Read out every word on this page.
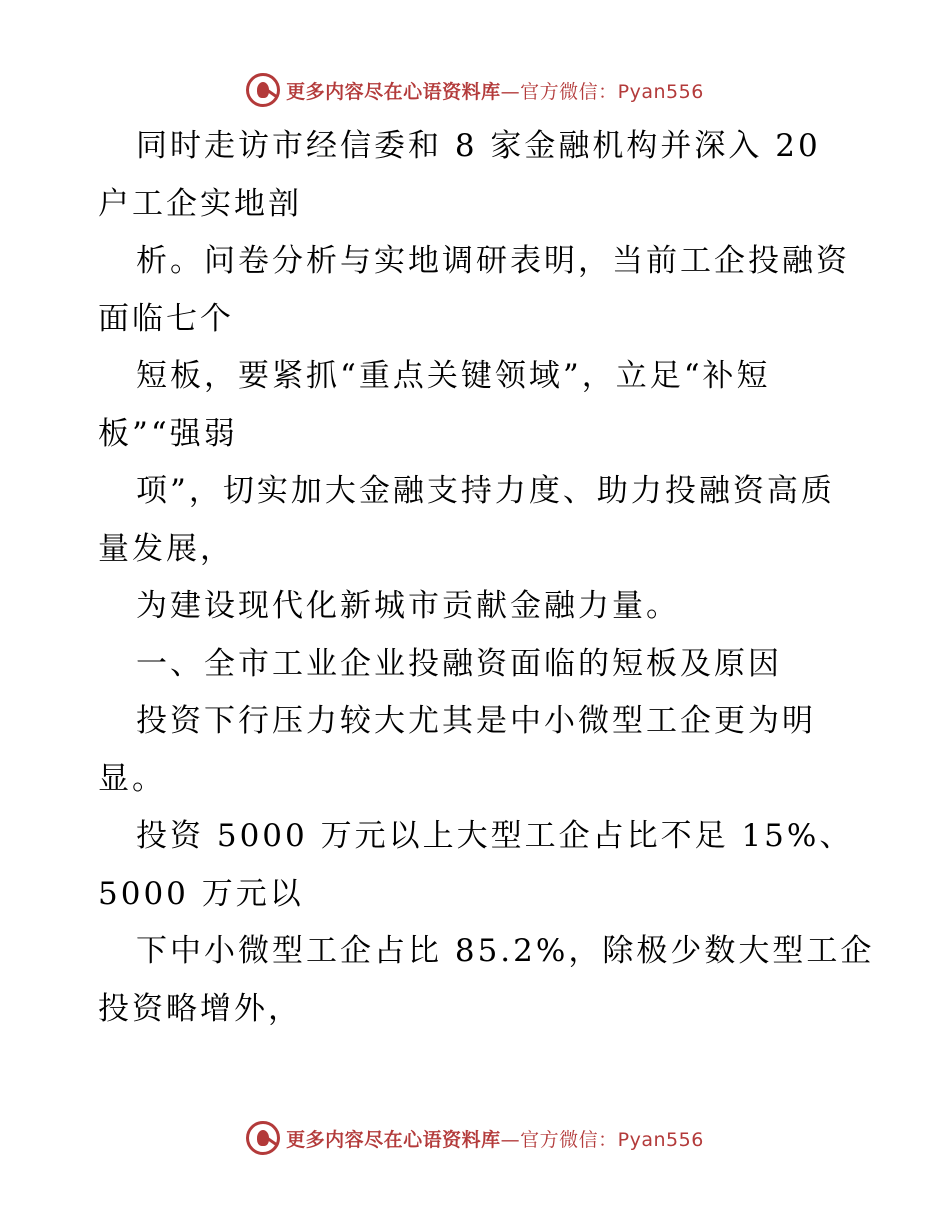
更多内容尽在心语资料库—官方微信：Pyan556
同时走访市经信委和 8 家金融机构并深入 20
户工企实地剖
析。问卷分析与实地调研表明，当前工企投融资
面临七个
短板，要紧抓“重点关键领域”，立足“补短
板”“强弱
项”，切实加大金融支持力度、助力投融资高质
量发展，
为建设现代化新城市贡献金融力量。
一、全市工业企业投融资面临的短板及原因
投资下行压力较大尤其是中小微型工企更为明
显。
投资 5000 万元以上大型工企占比不足 15%、
5000 万元以
下中小微型工企占比 85.2%，除极少数大型工企
投资略增外，
更多内容尽在心语资料库—官方微信：Pyan556
